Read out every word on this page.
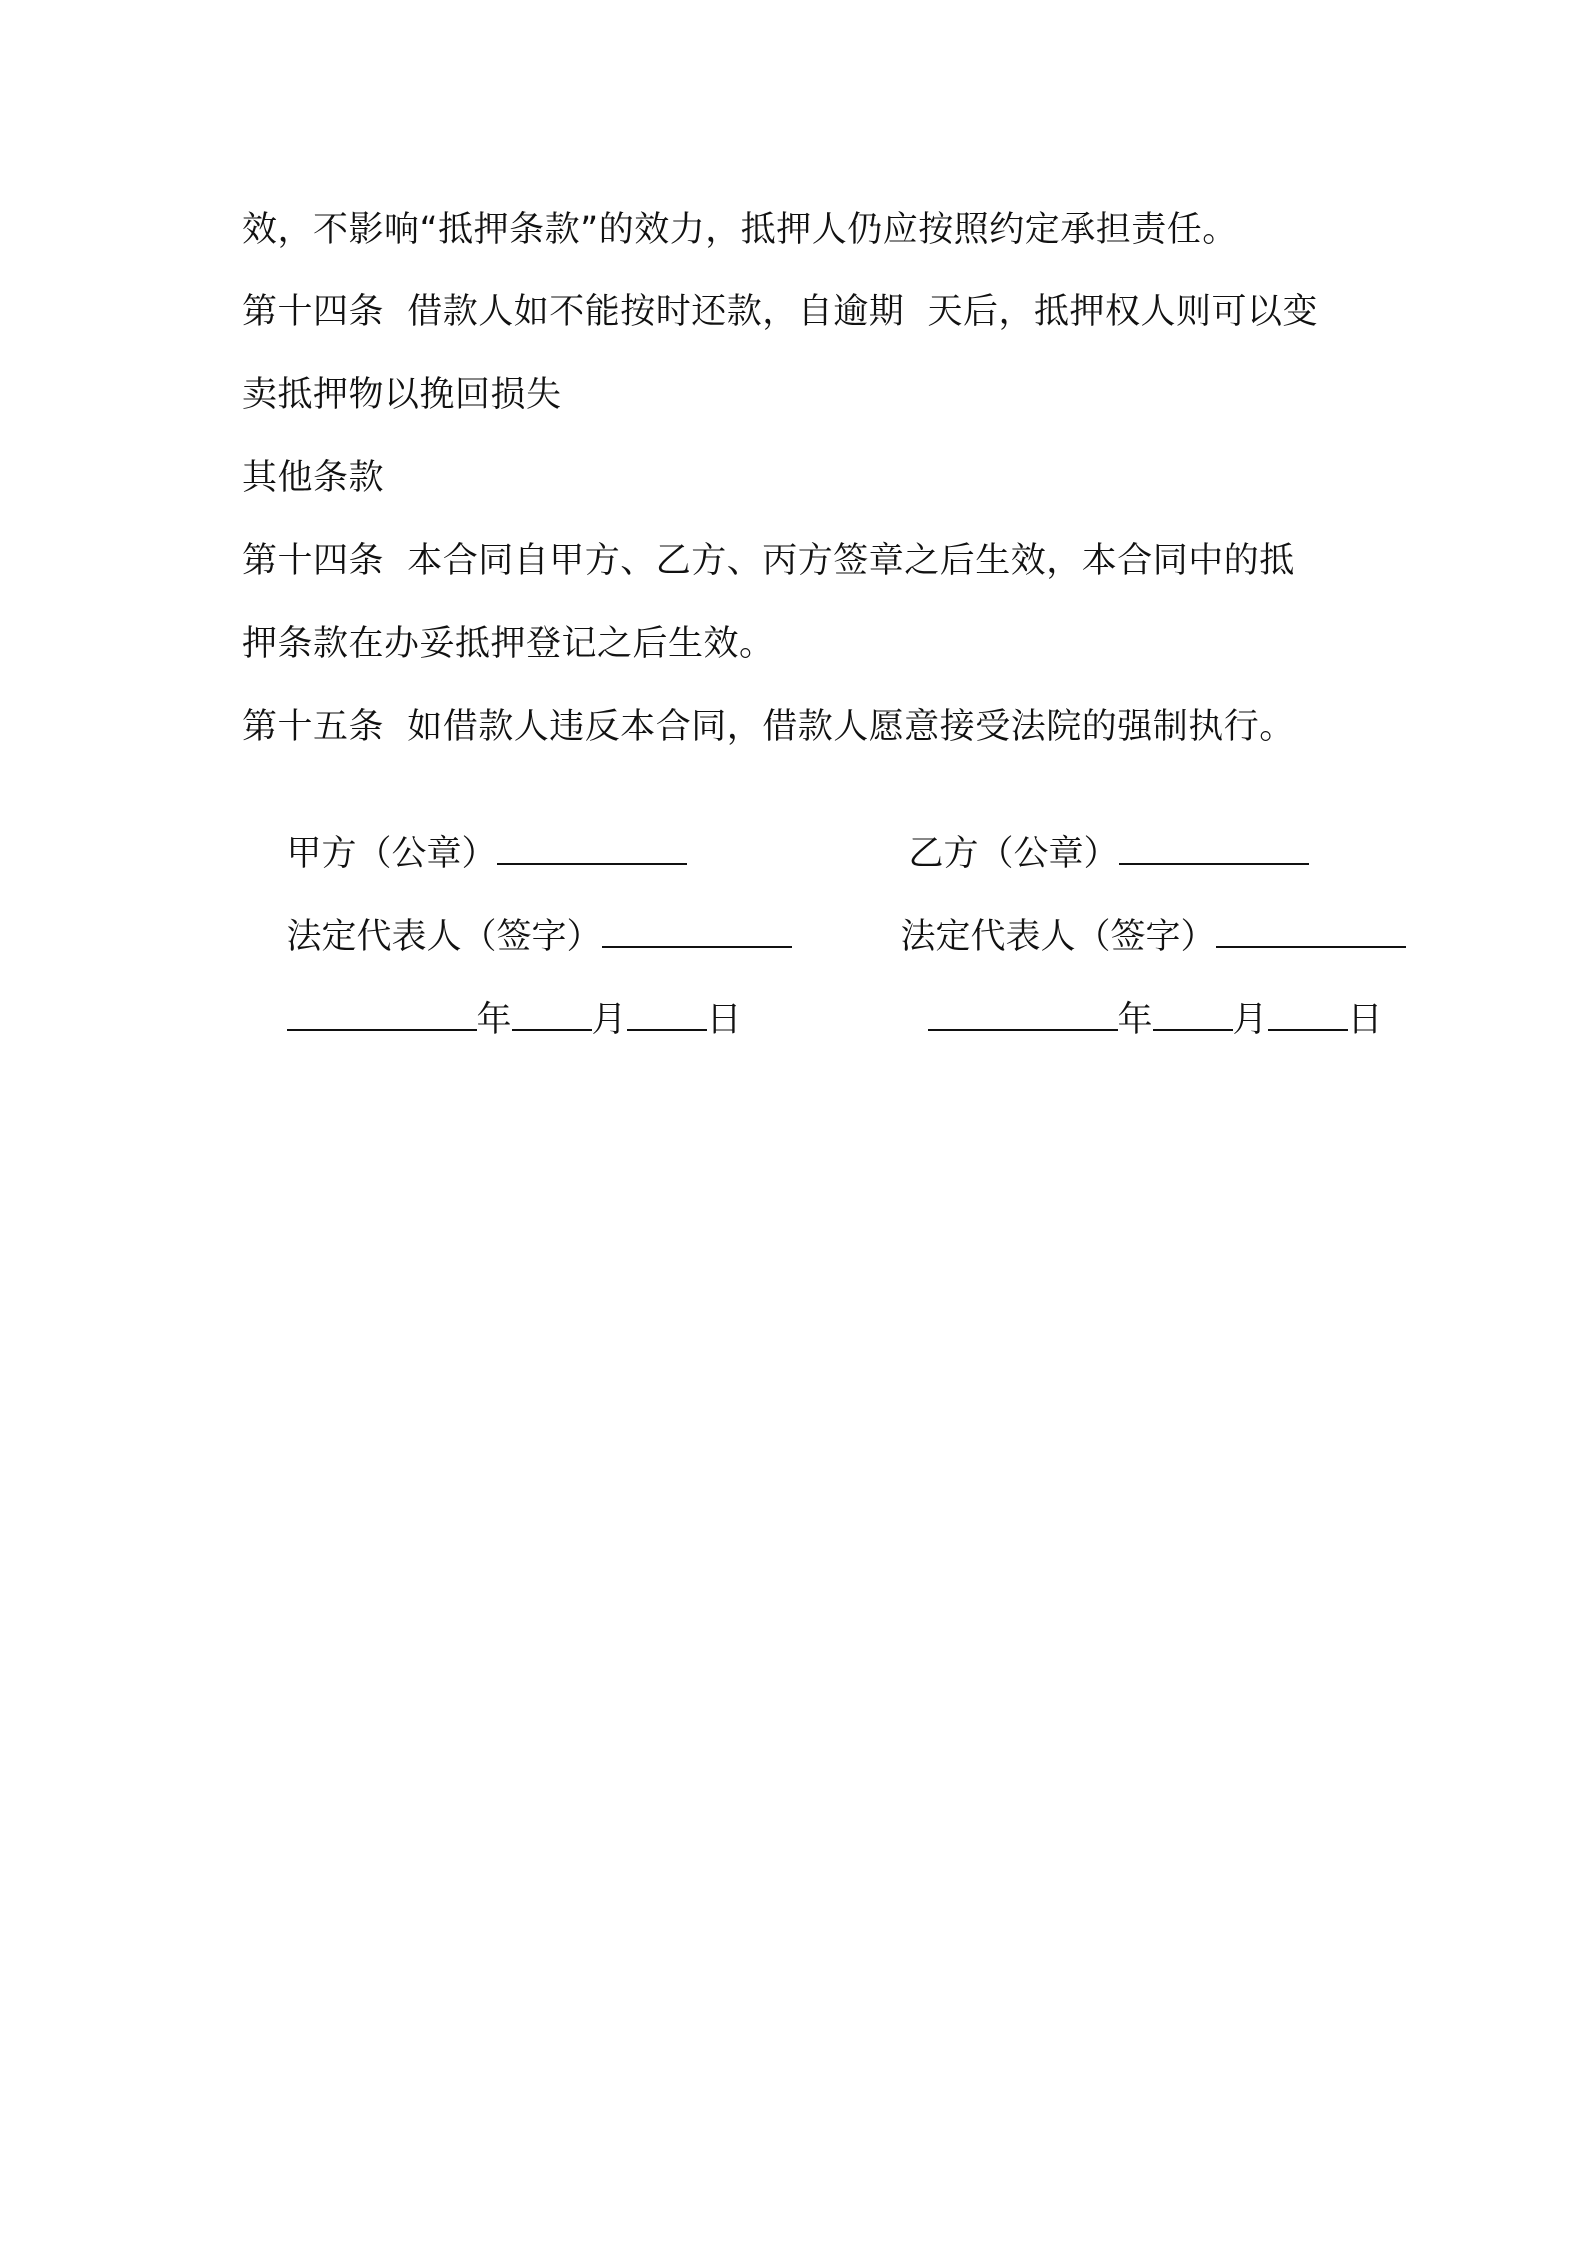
效，不影响“抵押条款”的效力，抵押人仍应按照约定承担责任。

第十四条  借款人如不能按时还款，自逾期  天后，抵押权人则可以变

卖抵押物以挽回损失

其他条款

第十四条  本合同自甲方、乙方、丙方签章之后生效，本合同中的抵

押条款在办妥抵押登记之后生效。

第十五条  如借款人违反本合同，借款人愿意接受法院的强制执行。

甲方（公章）

法定代表人（签字）

年 月 日

乙方（公章）

法定代表人（签字）

年 月 日
